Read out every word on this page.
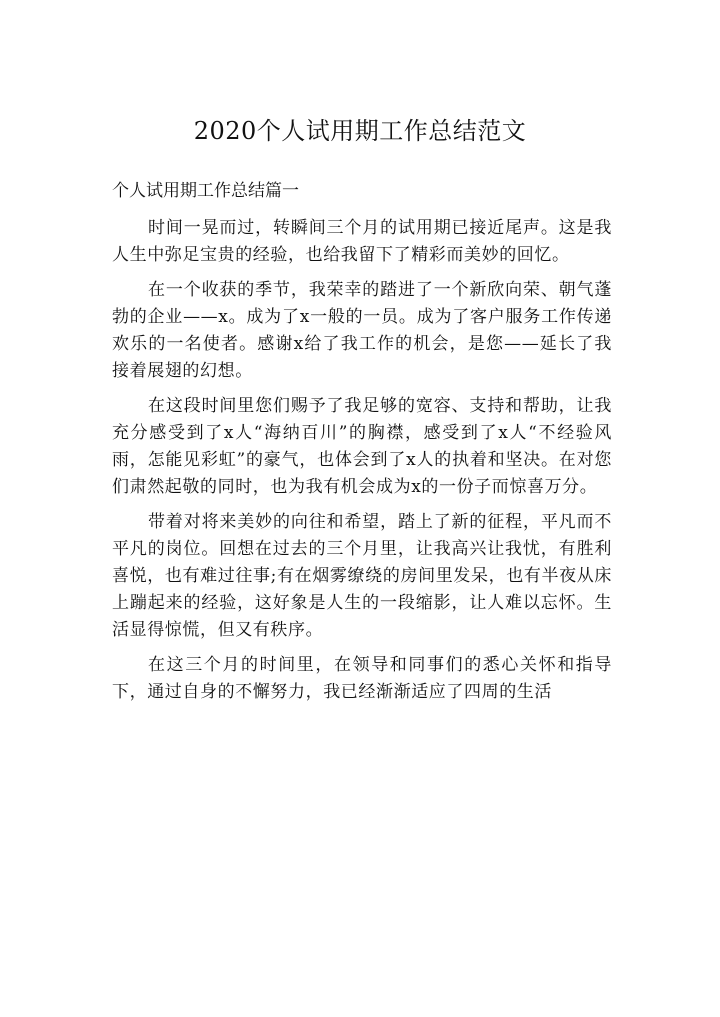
2020个人试用期工作总结范文
个人试用期工作总结篇一

时间一晃而过，转瞬间三个月的试用期已接近尾声。这是我人生中弥足宝贵的经验，也给我留下了精彩而美妙的回忆。

在一个收获的季节，我荣幸的踏进了一个新欣向荣、朝气蓬勃的企业——x。成为了x一般的一员。成为了客户服务工作传递欢乐的一名使者。感谢x给了我工作的机会，是您——延长了我接着展翅的幻想。

在这段时间里您们赐予了我足够的宽容、支持和帮助，让我充分感受到了x人“海纳百川”的胸襟，感受到了x人“不经验风雨，怎能见彩虹”的豪气，也体会到了x人的执着和坚决。在对您们肃然起敬的同时，也为我有机会成为x的一份子而惊喜万分。

带着对将来美妙的向往和希望，踏上了新的征程，平凡而不平凡的岗位。回想在过去的三个月里，让我高兴让我忧，有胜利喜悦，也有难过往事;有在烟雾缭绕的房间里发呆，也有半夜从床上蹦起来的经验，这好象是人生的一段缩影，让人难以忘怀。生活显得惊慌，但又有秩序。

在这三个月的时间里，在领导和同事们的悉心关怀和指导下，通过自身的不懈努力，我已经渐渐适应了四周的生活
